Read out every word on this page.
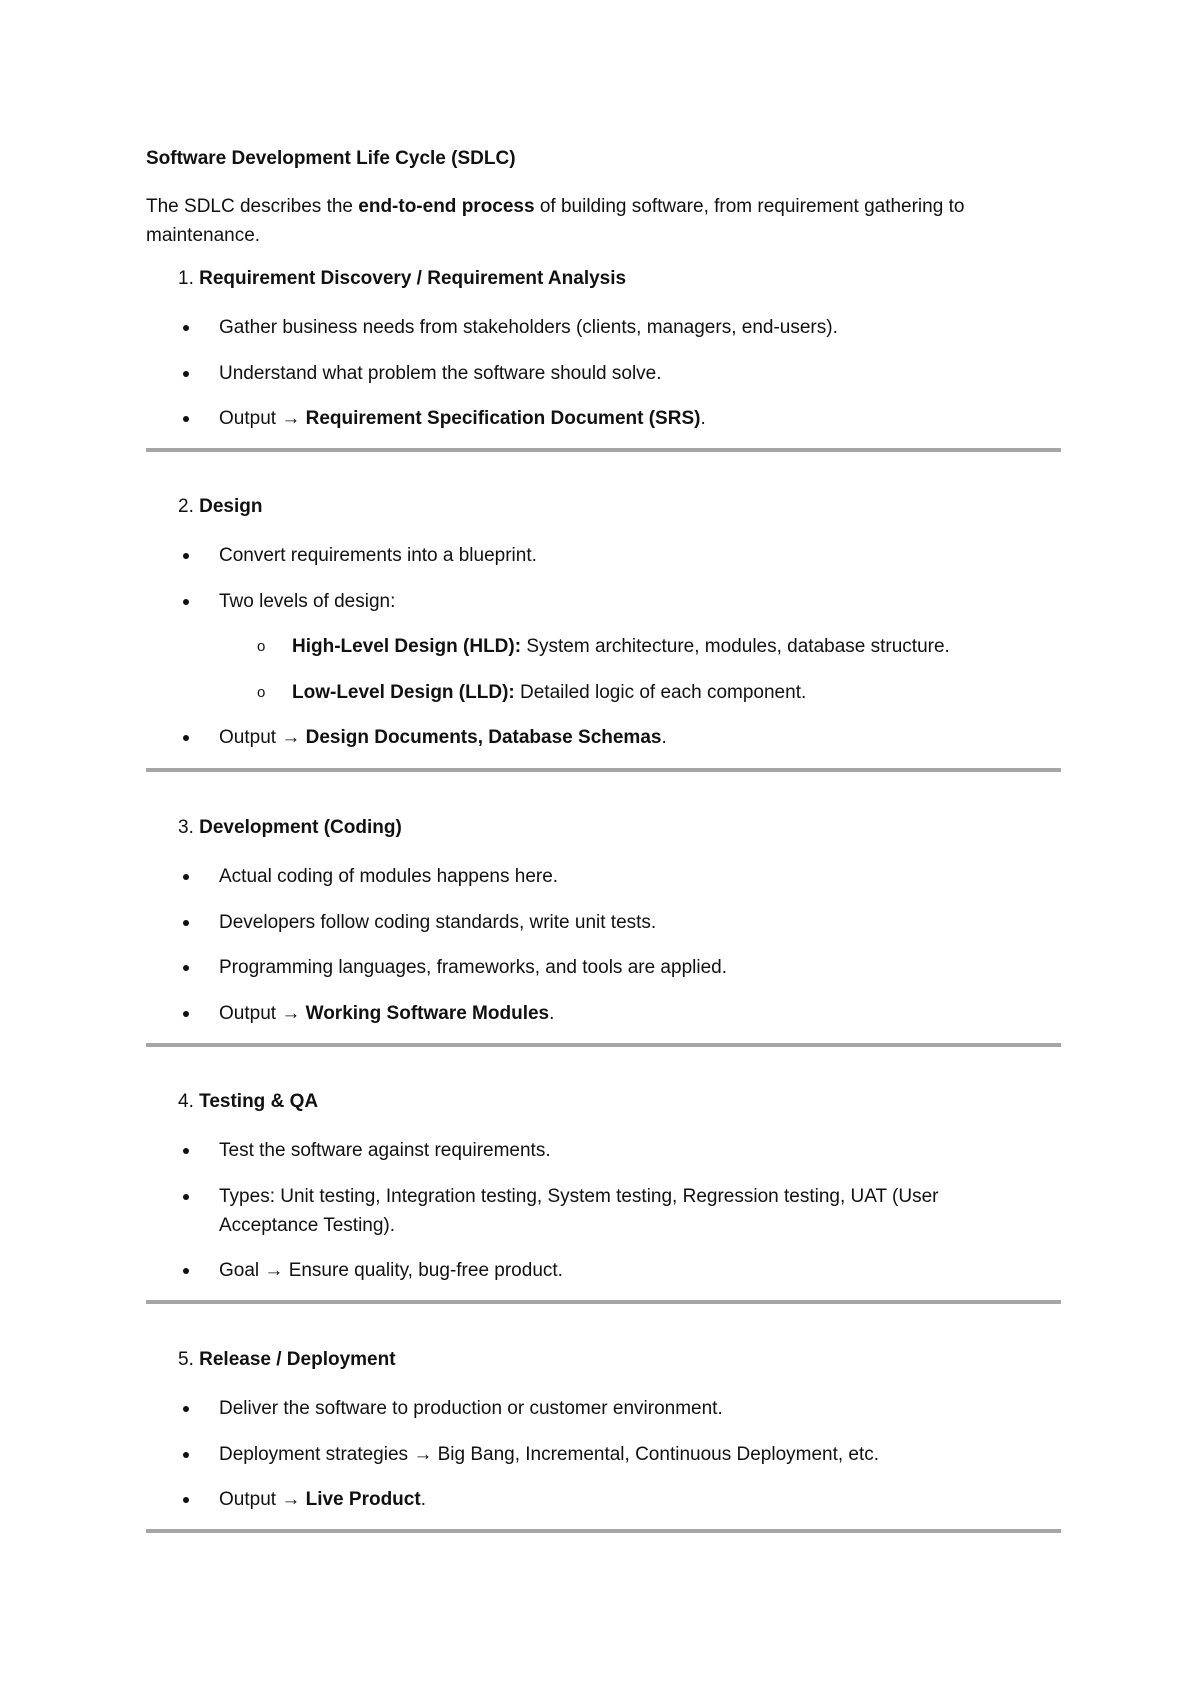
Software Development Life Cycle (SDLC)

The SDLC describes the end-to-end process of building software, from requirement gathering to maintenance.

1. Requirement Discovery / Requirement Analysis
Gather business needs from stakeholders (clients, managers, end-users).
Understand what problem the software should solve.
Output → Requirement Specification Document (SRS).
2. Design
Convert requirements into a blueprint.
Two levels of design:
o High-Level Design (HLD): System architecture, modules, database structure.
o Low-Level Design (LLD): Detailed logic of each component.
Output → Design Documents, Database Schemas.
3. Development (Coding)
Actual coding of modules happens here.
Developers follow coding standards, write unit tests.
Programming languages, frameworks, and tools are applied.
Output → Working Software Modules.
4. Testing & QA
Test the software against requirements.
Types: Unit testing, Integration testing, System testing, Regression testing, UAT (User Acceptance Testing).
Goal → Ensure quality, bug-free product.
5. Release / Deployment
Deliver the software to production or customer environment.
Deployment strategies → Big Bang, Incremental, Continuous Deployment, etc.
Output → Live Product.
